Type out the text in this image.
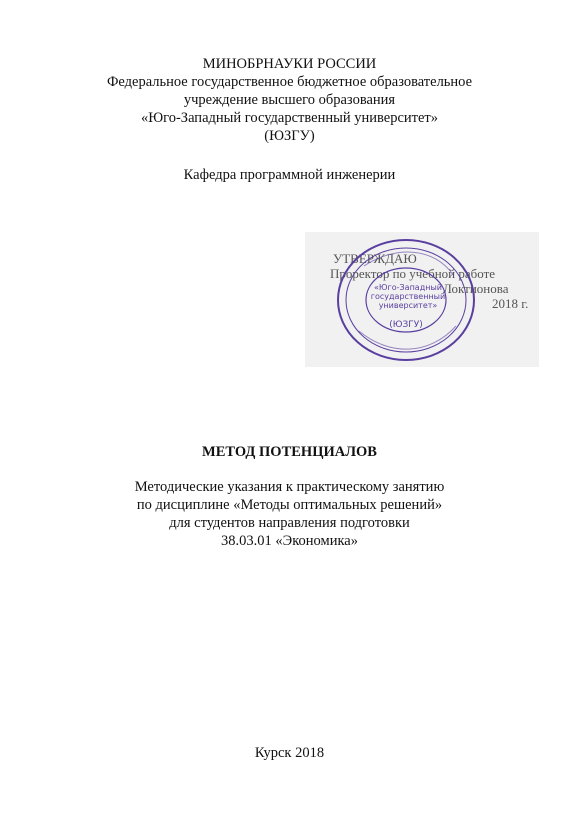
МИНОБРНАУКИ РОССИИ
Федеральное государственное бюджетное образовательное
учреждение высшего образования
«Юго-Западный государственный университет»
(ЮЗГУ)
Кафедра программной инженерии
УТВЕРЖДАЮ
Проректор по учебной работе
Локтионова
2018 г.
«Юго-Западный
государственный
университет»
(ЮЗГУ)
МЕТОД ПОТЕНЦИАЛОВ
Методические указания к практическому занятию
по дисциплине «Методы оптимальных решений»
для студентов направления подготовки
38.03.01 «Экономика»
Курск 2018
